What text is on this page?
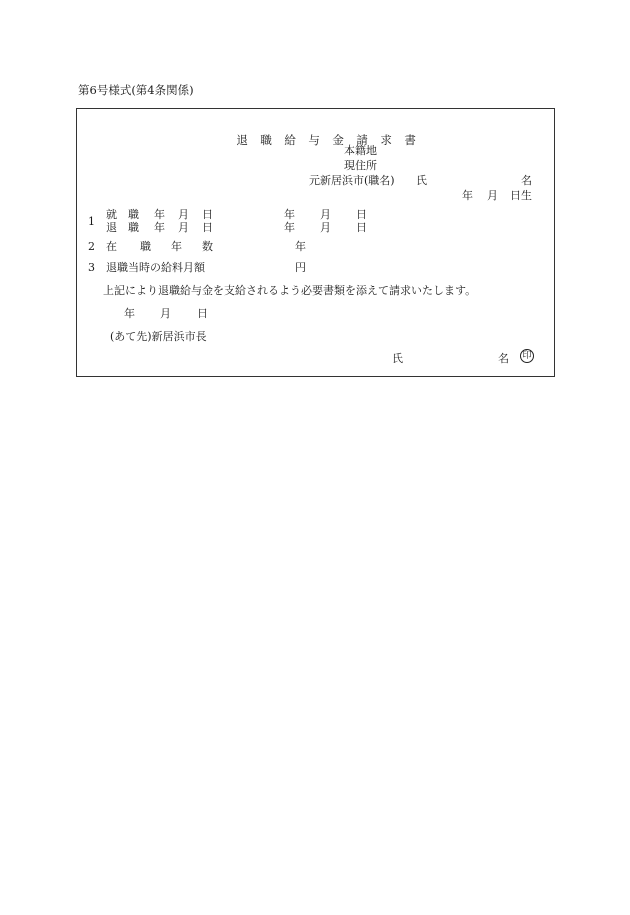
第6号様式(第4条関係)

退 職 給 与 金 請 求 書

本籍地
現住所
元新居浜市(職名) 氏	名
年 月 日生
1
就 職 年 月 日	年 月 日
退 職 年 月 日	年 月 日
2 在 職 年 数	年
3 退職当時の給料月額	円
上記により退職給与金を支給されるよう必要書類を添えて請求いたします。
年 月 日
(あて先)新居浜市長
氏	名 印
